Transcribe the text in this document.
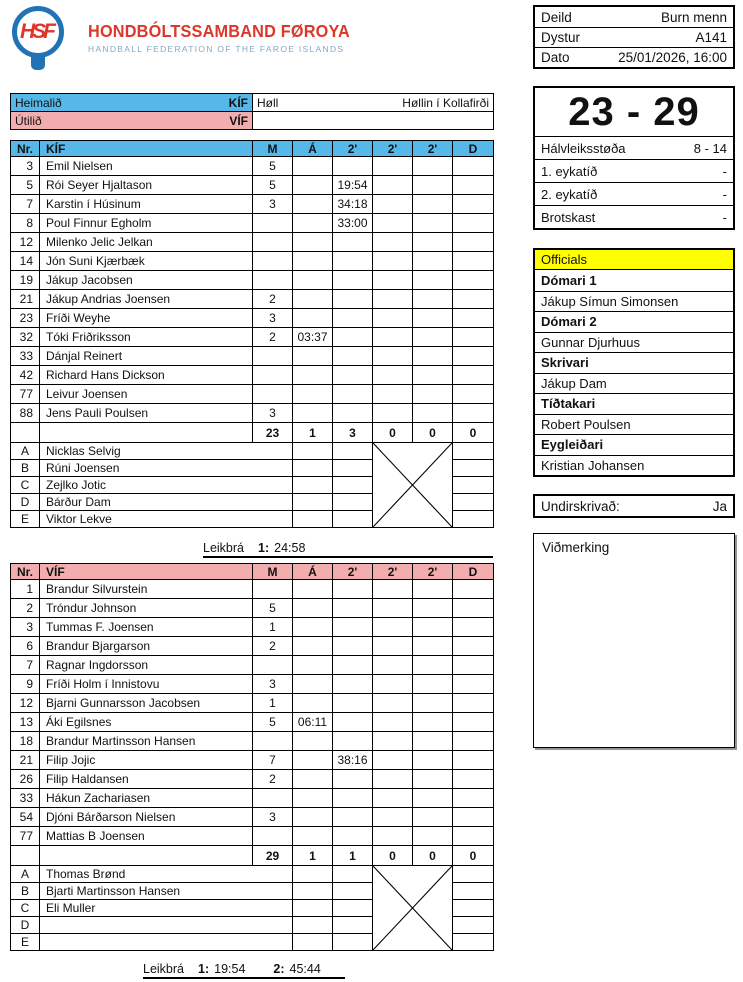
HSF HONDBÓLTSSAMBAND FØROYA
HANDBALL FEDERATION OF THE FAROE ISLANDS
Heimalið KÍF	Høll Høllin í Kollafirði

Útilið VÍF	

Nr.	KÍF	M	Á	2'	2'	2'	D
3	Emil Nielsen	5					
5	Rói Seyer Hjaltason	5		19:54			
7	Karstin í Húsinum	3		34:18			
8	Poul Finnur Egholm			33:00			
12	Milenko Jelic Jelkan						
14	Jón Suni Kjærbæk						
19	Jákup Jacobsen						
21	Jákup Andrias Joensen	2					
23	Fríði Weyhe	3					
32	Tóki Friðriksson	2	03:37				
33	Dánjal Reinert						
42	Richard Hans Dickson						
77	Leivur Joensen						
88	Jens Pauli Poulsen	3					
		23	1	3	0	0	0
A	Nicklas Selvig			

B	Rúni Joensen						
C	Zejlko Jotic						
D	Bárður Dam						
E	Viktor Lekve						
Leikbrá 1: 24:58
Nr.	VÍF	M	Á	2'	2'	2'	D
1	Brandur Silvurstein						
2	Tróndur Johnson	5					
3	Tummas F. Joensen	1					
6	Brandur Bjargarson	2					
7	Ragnar Ingdorsson						
9	Fríði Holm í Innistovu	3					
12	Bjarni Gunnarsson Jacobsen	1					
13	Áki Egilsnes	5	06:11				
18	Brandur Martinsson Hansen						
21	Filip Jojic	7		38:16			
26	Filip Haldansen	2					
33	Hákun Zachariasen						
54	Djóni Bárðarson Nielsen	3					
77	Mattias B Joensen						
		29	1	1	0	0	0
A	Thomas Brønd			

B	Bjarti Martinsson Hansen						
C	Eli Muller						
D							
E							
Leikbrá 1: 19:54 2: 45:44
Deild	Burn menn
Dystur	A141
Dato	25/01/2026, 16:00
23 - 29
Hálvleiksstøða	8 - 14
1. eykatíð	-
2. eykatíð	-
Brotskast	-
Officials
Dómari 1
Jákup Símun Simonsen
Dómari 2
Gunnar Djurhuus
Skrivari
Jákup Dam
Tíðtakari
Robert Poulsen
Eygleiðari
Kristian Johansen
Undirskrivað:	Ja
Viðmerking
